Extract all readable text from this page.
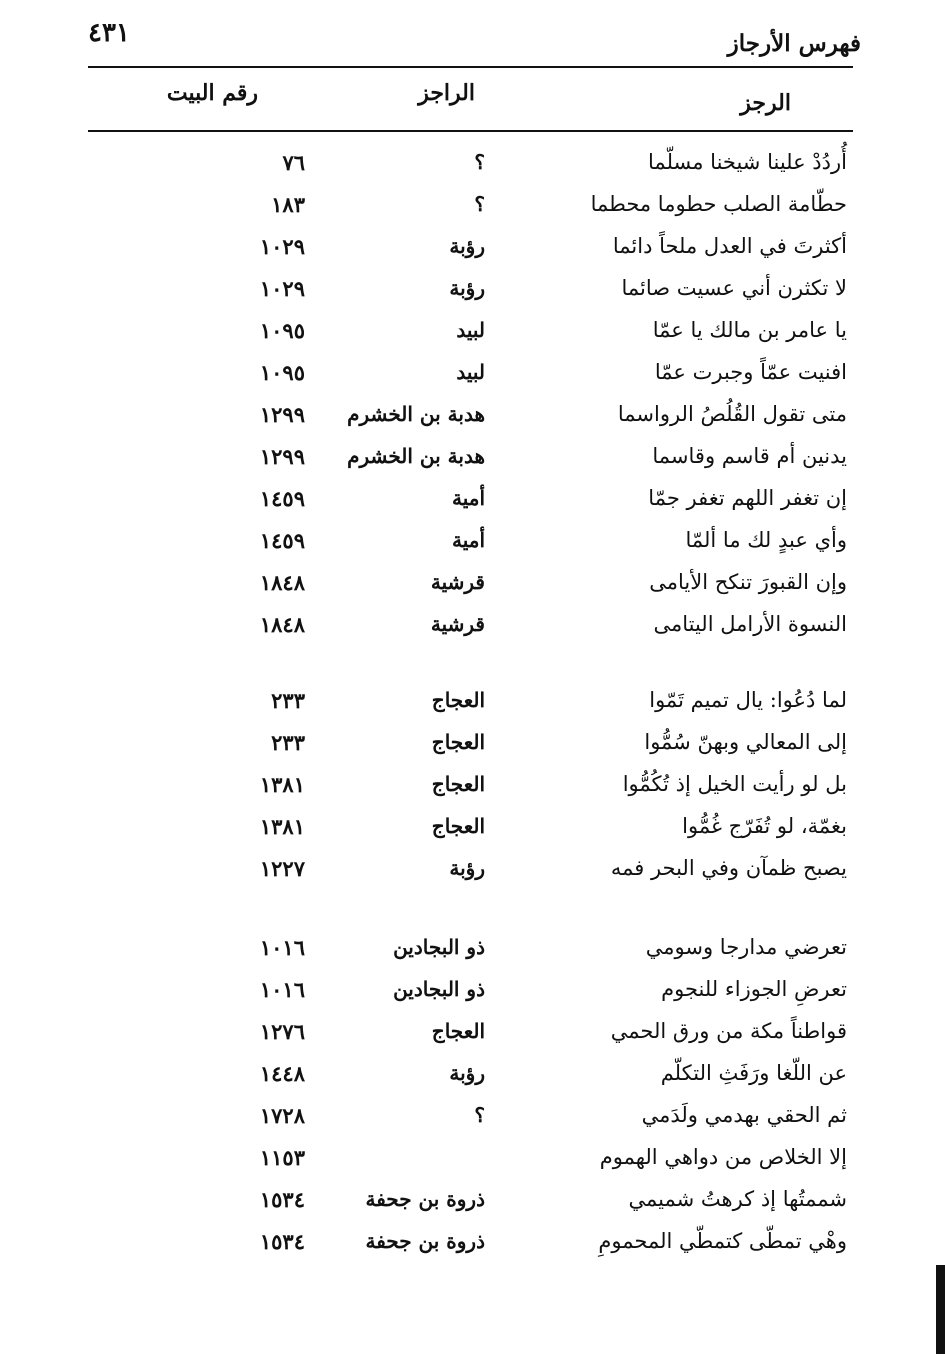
٤٣١	فهرس الأرجاز
الرجز
الراجز
رقم البيت
أُردُدْ علينا شيخنا مسلّما
؟
٧٦
حطّامة الصلب حطوما محطما
؟
١٨٣
أكثرتَ في العدل ملحاً دائما
رؤبة
١٠٢٩
لا تكثرن أني عسيت صائما
رؤبة
١٠٢٩
يا عامر بن مالك يا عمّا
لبيد
١٠٩٥
افنيت عمّاً وجبرت عمّا
لبيد
١٠٩٥
متى تقول القُلُصُ الرواسما
هدبة بن الخشرم
١٢٩٩
يدنين أم قاسم وقاسما
هدبة بن الخشرم
١٢٩٩
إن تغفر اللهم تغفر جمّا
أمية
١٤٥٩
وأي عبدٍ لك ما ألمّا
أمية
١٤٥٩
وإن القبورَ تنكح الأيامى
قرشية
١٨٤٨
النسوة الأرامل اليتامى
قرشية
١٨٤٨
لما دُعُوا: يال تميم تَمّوا
العجاج
٢٣٣
إلى المعالي وبهنّ سُمُّوا
العجاج
٢٣٣
بل لو رأيت الخيل إذ تُكُمُّوا
العجاج
١٣٨١
بغمّة، لو تُفَرّج غُمُّوا
العجاج
١٣٨١
يصبح ظمآن وفي البحر فمه
رؤبة
١٢٢٧
تعرضي مدارجا وسومي
ذو البجادين
١٠١٦
تعرضِ الجوزاء للنجوم
ذو البجادين
١٠١٦
قواطناً مكة من ورق الحمي
العجاج
١٢٧٦
عن اللّغا ورَفَثِ التكلّم
رؤبة
١٤٤٨
ثم الحقي بهدمي ولَدَمي
؟
١٧٢٨
إلا الخلاص من دواهي الهموم
١١٥٣
شممتُها إذ كرهتُ شميمي
ذروة بن جحفة
١٥٣٤
وهْي تمطّى كتمطّي المحمومِ
ذروة بن جحفة
١٥٣٤
